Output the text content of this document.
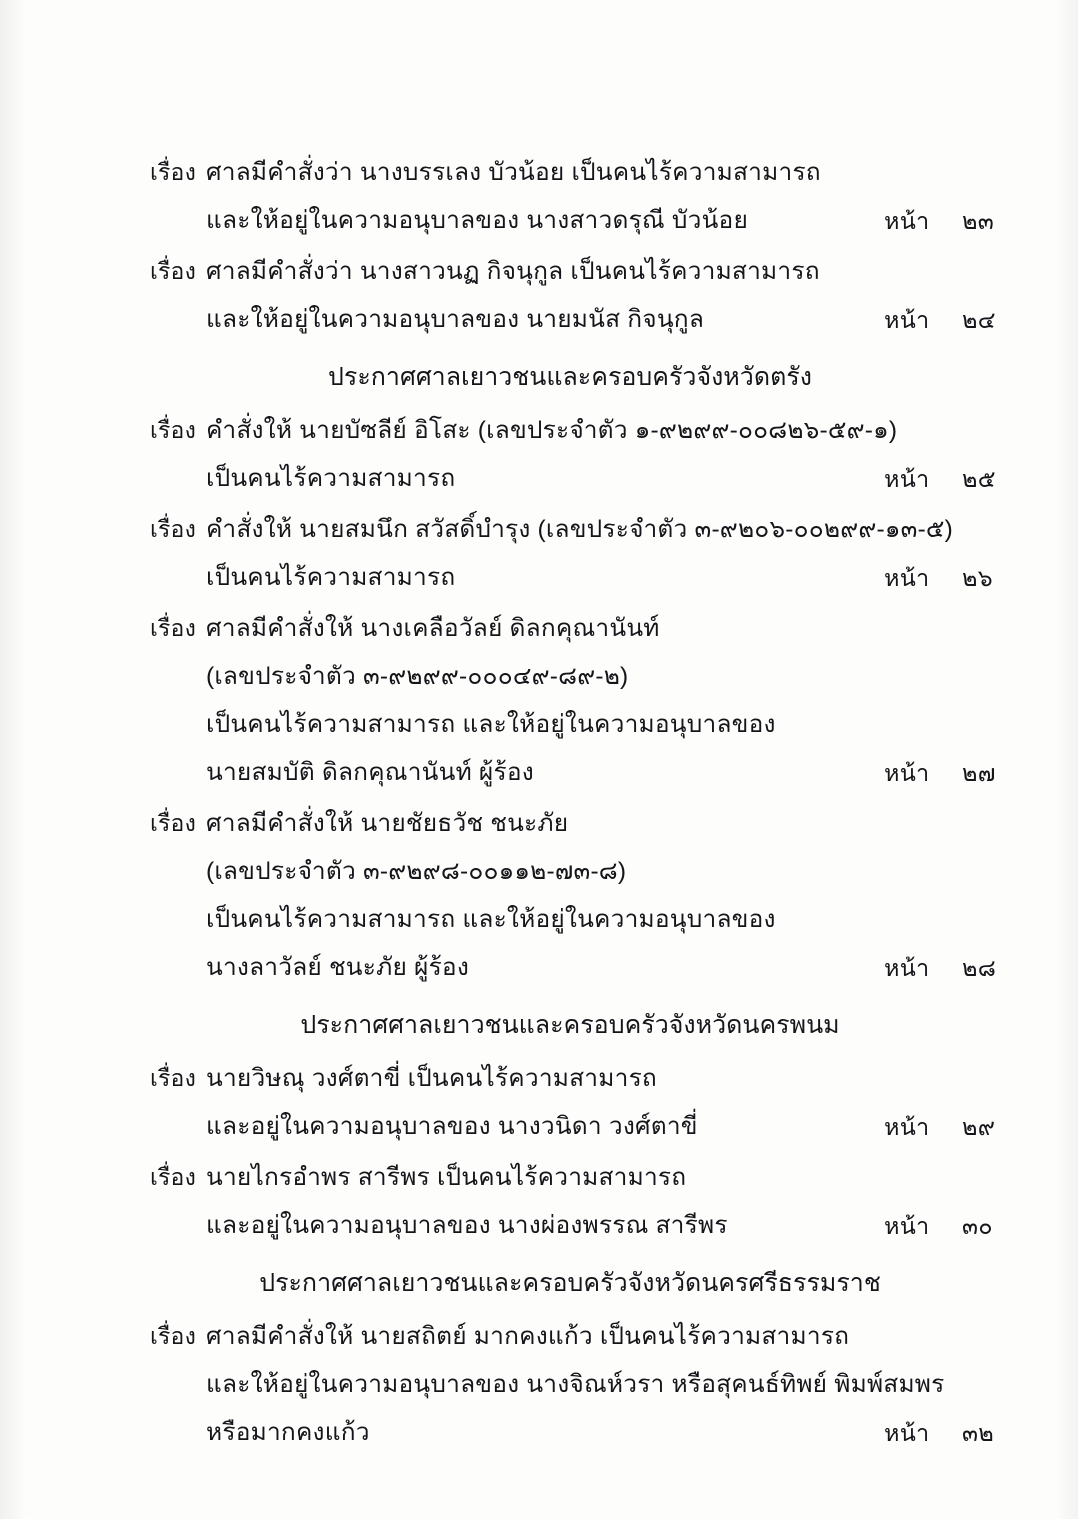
เรื่อง ศาลมีคำสั่งว่า นางบรรเลง บัวน้อย เป็นคนไร้ความสามารถ
และให้อยู่ในความอนุบาลของ นางสาวดรุณี บัวน้อย	หน้า ๒๓
เรื่อง ศาลมีคำสั่งว่า นางสาวนฏ กิจนุกูล เป็นคนไร้ความสามารถ
และให้อยู่ในความอนุบาลของ นายมนัส กิจนุกูล	หน้า ๒๔
ประกาศศาลเยาวชนและครอบครัวจังหวัดตรัง
เรื่อง คำสั่งให้ นายบัซลีย์ อิโสะ (เลขประจำตัว ๑-๙๒๙๙-๐๐๘๒๖-๕๙-๑)
เป็นคนไร้ความสามารถ	หน้า ๒๕
เรื่อง คำสั่งให้ นายสมนึก สวัสดิ์บำรุง (เลขประจำตัว ๓-๙๒๐๖-๐๐๒๙๙-๑๓-๕)
เป็นคนไร้ความสามารถ	หน้า ๒๖
เรื่อง ศาลมีคำสั่งให้ นางเคลือวัลย์ ดิลกคุณานันท์
(เลขประจำตัว ๓-๙๒๙๙-๐๐๐๔๙-๘๙-๒)
เป็นคนไร้ความสามารถ และให้อยู่ในความอนุบาลของ
นายสมบัติ ดิลกคุณานันท์ ผู้ร้อง	หน้า ๒๗
เรื่อง ศาลมีคำสั่งให้ นายชัยธวัช ชนะภัย
(เลขประจำตัว ๓-๙๒๙๘-๐๐๑๑๒-๗๓-๘)
เป็นคนไร้ความสามารถ และให้อยู่ในความอนุบาลของ
นางลาวัลย์ ชนะภัย ผู้ร้อง	หน้า ๒๘
ประกาศศาลเยาวชนและครอบครัวจังหวัดนครพนม
เรื่อง นายวิษณุ วงศ์ตาขี่ เป็นคนไร้ความสามารถ
และอยู่ในความอนุบาลของ นางวนิดา วงศ์ตาขี่	หน้า ๒๙
เรื่อง นายไกรอำพร สารีพร เป็นคนไร้ความสามารถ
และอยู่ในความอนุบาลของ นางผ่องพรรณ สารีพร	หน้า ๓๐
ประกาศศาลเยาวชนและครอบครัวจังหวัดนครศรีธรรมราช
เรื่อง ศาลมีคำสั่งให้ นายสถิตย์ มากคงแก้ว เป็นคนไร้ความสามารถ
และให้อยู่ในความอนุบาลของ นางจิณห์วรา หรือสุคนธ์ทิพย์ พิมพ์สมพร
หรือมากคงแก้ว	หน้า ๓๒
